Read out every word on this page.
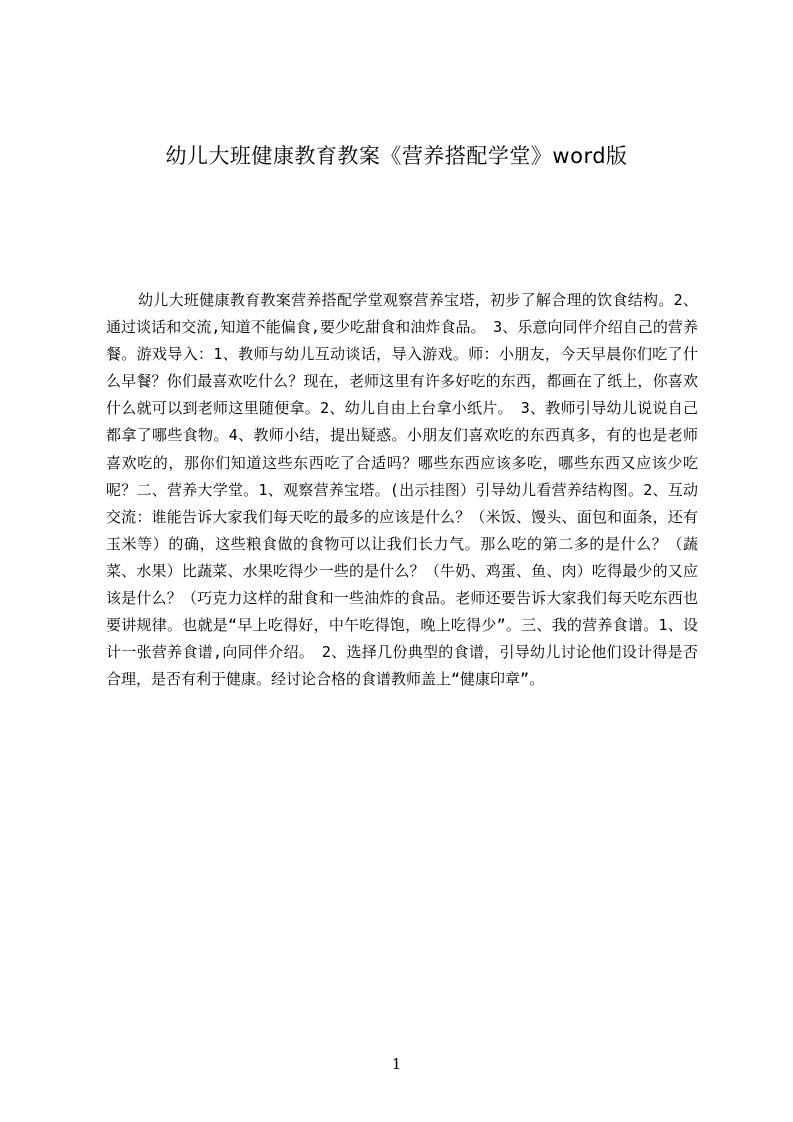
幼儿大班健康教育教案《营养搭配学堂》word版
幼儿大班健康教育教案营养搭配学堂观察营养宝塔，初步了解合理的饮食结构。2、通过谈话和交流,知道不能偏食,要少吃甜食和油炸食品。　3、乐意向同伴介绍自己的营养餐。游戏导入：1、教师与幼儿互动谈话，导入游戏。师：小朋友，今天早晨你们吃了什么早餐？你们最喜欢吃什么？现在，老师这里有许多好吃的东西，都画在了纸上，你喜欢什么就可以到老师这里随便拿。2、幼儿自由上台拿小纸片。　3、教师引导幼儿说说自己都拿了哪些食物。4、教师小结，提出疑惑。小朋友们喜欢吃的东西真多，有的也是老师喜欢吃的，那你们知道这些东西吃了合适吗？哪些东西应该多吃，哪些东西又应该少吃呢？二、营养大学堂。1、观察营养宝塔。(出示挂图）引导幼儿看营养结构图。2、互动交流：谁能告诉大家我们每天吃的最多的应该是什么？（米饭、馒头、面包和面条，还有玉米等）的确，这些粮食做的食物可以让我们长力气。那么吃的第二多的是什么？（蔬菜、水果）比蔬菜、水果吃得少一些的是什么？（牛奶、鸡蛋、鱼、肉）吃得最少的又应该是什么？（巧克力这样的甜食和一些油炸的食品。老师还要告诉大家我们每天吃东西也要讲规律。也就是“早上吃得好，中午吃得饱，晚上吃得少”。三、我的营养食谱。1、设计一张营养食谱,向同伴介绍。　2、选择几份典型的食谱，引导幼儿讨论他们设计得是否合理，是否有利于健康。经讨论合格的食谱教师盖上“健康印章”。
1
